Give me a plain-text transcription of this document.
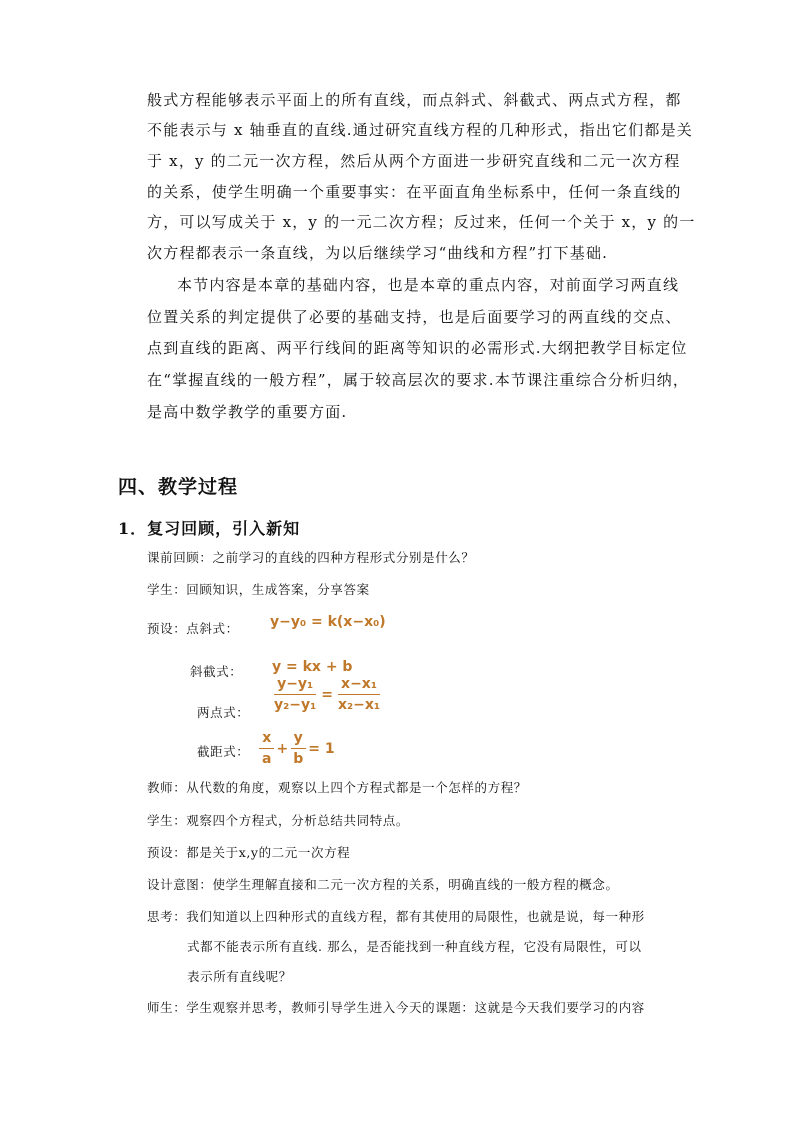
般式方程能够表示平面上的所有直线，而点斜式、斜截式、两点式方程，都

不能表示与 x 轴垂直的直线.通过研究直线方程的几种形式，指出它们都是关

于 x，y 的二元一次方程，然后从两个方面进一步研究直线和二元一次方程

的关系，使学生明确一个重要事实：在平面直角坐标系中，任何一条直线的

方，可以写成关于 x，y 的一元二次方程；反过来，任何一个关于 x，y 的一

次方程都表示一条直线，为以后继续学习“曲线和方程”打下基础.

本节内容是本章的基础内容，也是本章的重点内容，对前面学习两直线

位置关系的判定提供了必要的基础支持，也是后面要学习的两直线的交点、

点到直线的距离、两平行线间的距离等知识的必需形式.大纲把教学目标定位

在“掌握直线的一般方程”，属于较高层次的要求.本节课注重综合分析归纳，

是高中数学教学的重要方面.

四、教学过程
1．复习回顾，引入新知

课前回顾：之前学习的直线的四种方程形式分别是什么？

学生：回顾知识，生成答案，分享答案

预设：点斜式： y−y₀ = k(x−x₀)
斜截式： y = kx + b
两点式： $\frac{\text{y−y₁}}{\text{y₂−y₁}} = \frac{\text{x−x₁}}{\text{x₂−x₁}}$
截距式： $\frac{x}{a} + \frac{y}{b} = 1$

教师：从代数的角度，观察以上四个方程式都是一个怎样的方程？

学生：观察四个方程式，分析总结共同特点。

预设：都是关于x,y的二元一次方程

设计意图：使学生理解直接和二元一次方程的关系，明确直线的一般方程的概念。

思考：我们知道以上四种形式的直线方程，都有其使用的局限性，也就是说，每一种形

式都不能表示所有直线. 那么，是否能找到一种直线方程，它没有局限性，可以

表示所有直线呢？

师生：学生观察并思考，教师引导学生进入今天的课题：这就是今天我们要学习的内容
